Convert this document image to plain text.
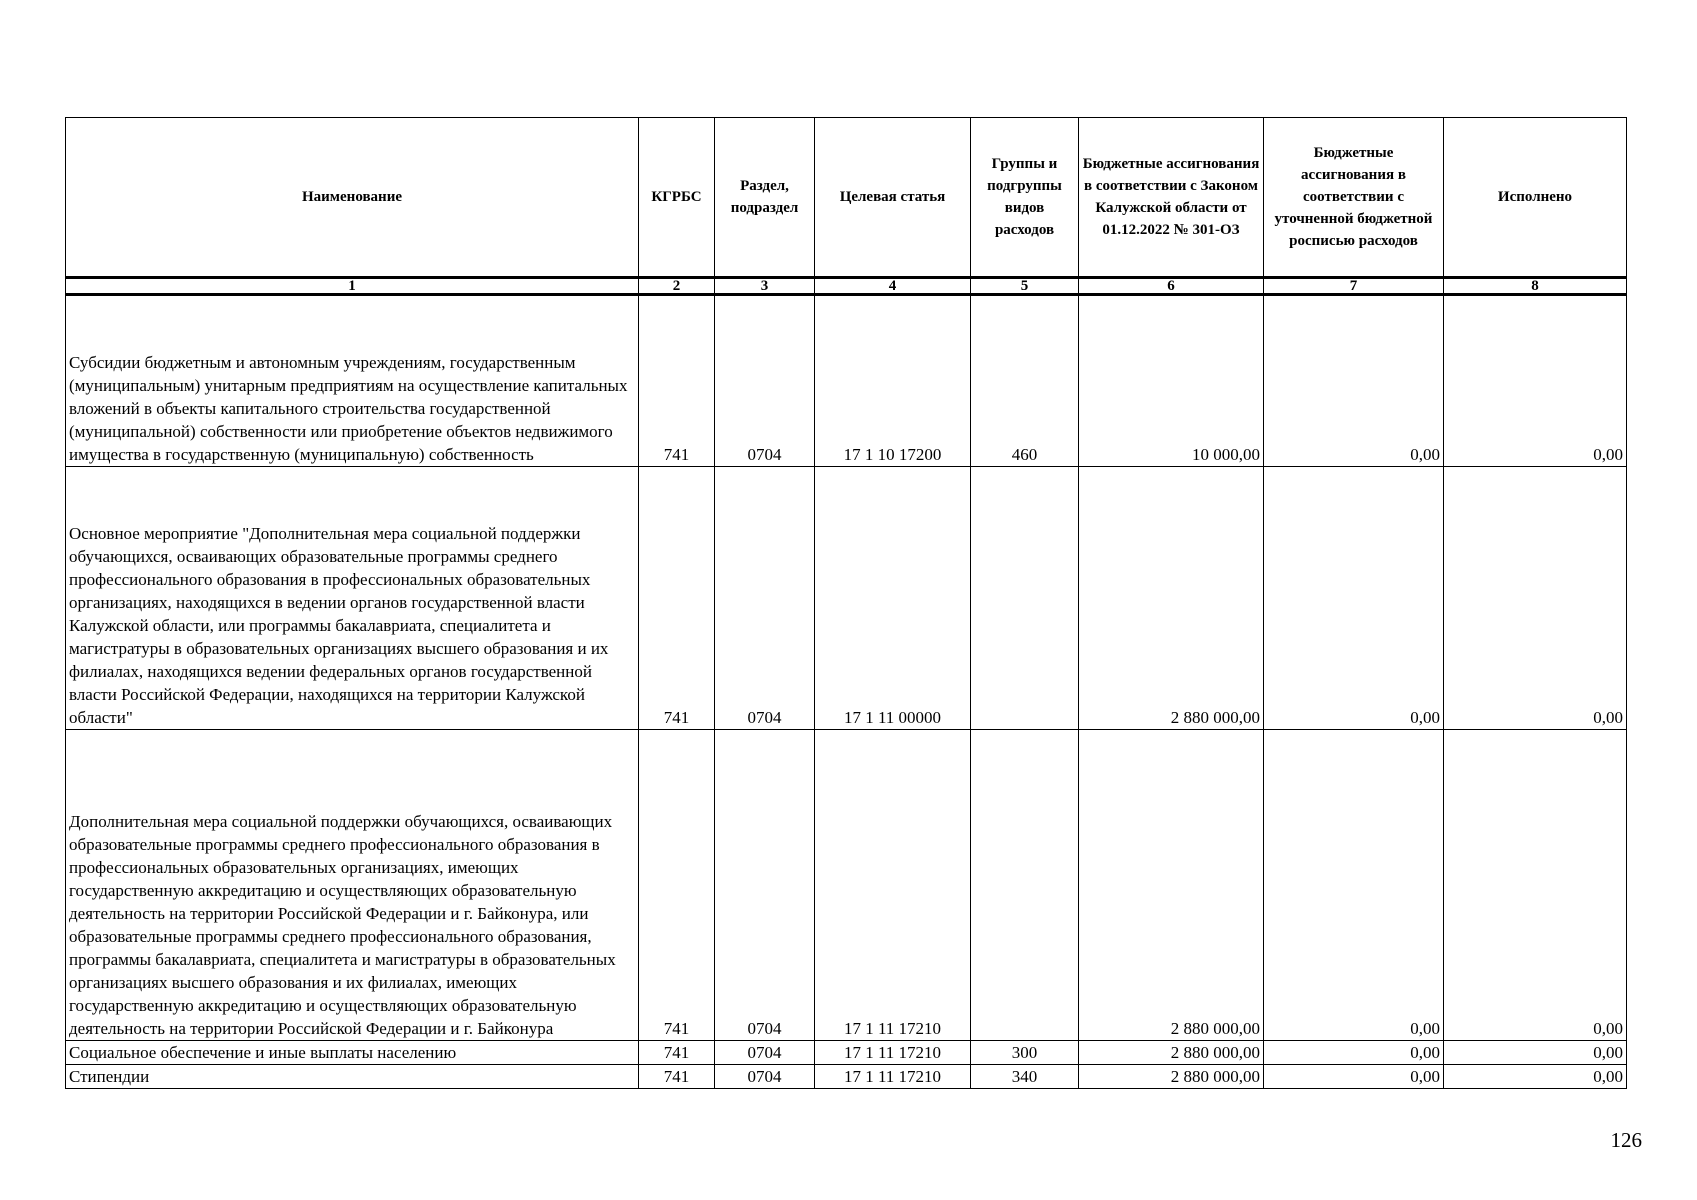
Наименование	КГРБС	Раздел, подраздел	Целевая статья	Группы и подгруппы видов расходов	Бюджетные ассигнования в соответствии с Законом Калужской области от 01.12.2022 № 301-ОЗ	Бюджетные ассигнования в соответствии с уточненной бюджетной росписью расходов	Исполнено
1	2	3	4	5	6	7	8
Субсидии бюджетным и автономным учреждениям, государственным (муниципальным) унитарным предприятиям на осуществление капитальных вложений в объекты капитального строительства государственной (муниципальной) собственности или приобретение объектов недвижимого имущества в государственную (муниципальную) собственность	741	0704	17 1 10 17200	460	10 000,00	0,00	0,00
Основное мероприятие "Дополнительная мера социальной поддержки обучающихся, осваивающих образовательные программы среднего профессионального образования в профессиональных образовательных организациях, находящихся в ведении органов государственной власти Калужской области, или программы бакалавриата, специалитета и магистратуры в образовательных организациях высшего образования и их филиалах, находящихся ведении федеральных органов государственной власти Российской Федерации, находящихся на территории Калужской области"	741	0704	17 1 11 00000		2 880 000,00	0,00	0,00
Дополнительная мера социальной поддержки обучающихся, осваивающих образовательные программы среднего профессионального образования в профессиональных образовательных организациях, имеющих государственную аккредитацию и осуществляющих образовательную деятельность на территории Российской Федерации и г. Байконура, или образовательные программы среднего профессионального образования, программы бакалавриата, специалитета и магистратуры в образовательных организациях высшего образования и их филиалах, имеющих государственную аккредитацию и осуществляющих образовательную деятельность на территории Российской Федерации и г. Байконура	741	0704	17 1 11 17210		2 880 000,00	0,00	0,00
Социальное обеспечение и иные выплаты населению	741	0704	17 1 11 17210	300	2 880 000,00	0,00	0,00
Стипендии	741	0704	17 1 11 17210	340	2 880 000,00	0,00	0,00
126
